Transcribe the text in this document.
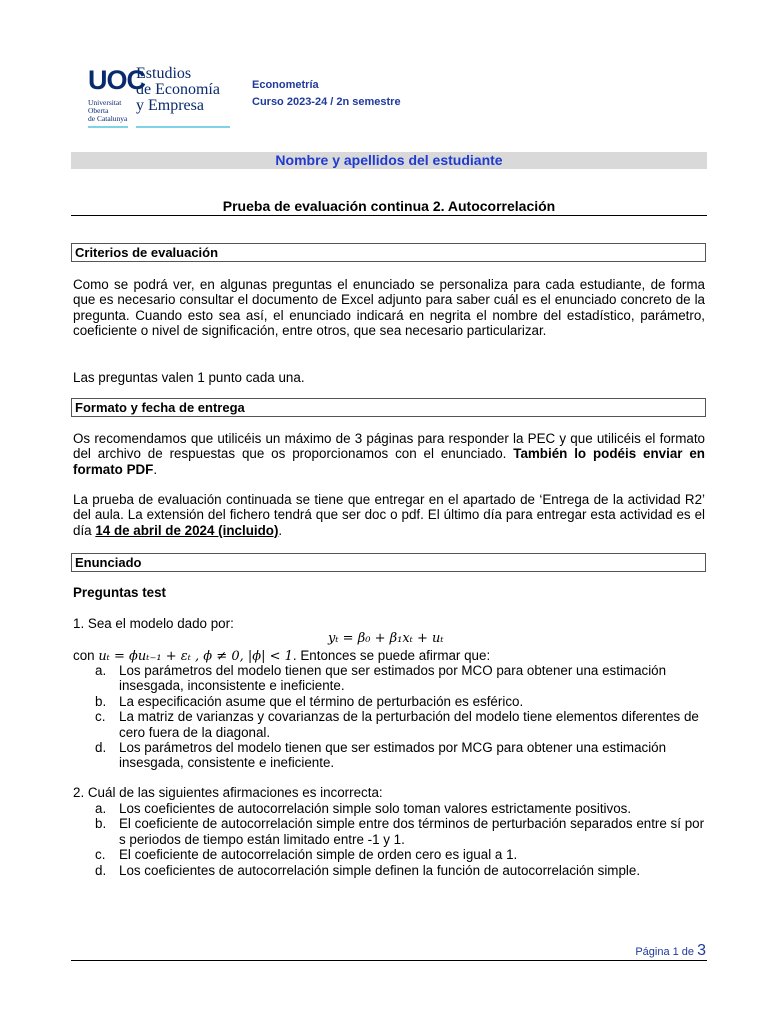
UOC
Universitat
Oberta
de Catalunya
Estudios
de Economía
y Empresa
Econometría
Curso 2023-24 / 2n semestre
Nombre y apellidos del estudiante
Prueba de evaluación continua 2. Autocorrelación
Criterios de evaluación
Como se podrá ver, en algunas preguntas el enunciado se personaliza para cada estudiante, de forma que es necesario consultar el documento de Excel adjunto para saber cuál es el enunciado concreto de la pregunta. Cuando esto sea así, el enunciado indicará en negrita el nombre del estadístico, parámetro, coeficiente o nivel de significación, entre otros, que sea necesario particularizar.
Las preguntas valen 1 punto cada una.
Formato y fecha de entrega
Os recomendamos que utilicéis un máximo de 3 páginas para responder la PEC y que utilicéis el formato del archivo de respuestas que os proporcionamos con el enunciado. También lo podéis enviar en formato PDF.
La prueba de evaluación continuada se tiene que entregar en el apartado de ‘Entrega de la actividad R2’ del aula. La extensión del fichero tendrá que ser doc o pdf. El último día para entregar esta actividad es el día 14 de abril de 2024 (incluido).
Enunciado
Preguntas test
1. Sea el modelo dado por:
yₜ = β₀ + β₁xₜ + uₜ
con uₜ = ϕuₜ₋₁ + εₜ , ϕ ≠ 0, |ϕ| < 1. Entonces se puede afirmar que:
a. Los parámetros del modelo tienen que ser estimados por MCO para obtener una estimación insesgada, inconsistente e ineficiente.
b. La especificación asume que el término de perturbación es esférico.
c. La matriz de varianzas y covarianzas de la perturbación del modelo tiene elementos diferentes de cero fuera de la diagonal.
d. Los parámetros del modelo tienen que ser estimados por MCG para obtener una estimación insesgada, consistente e ineficiente.
2. Cuál de las siguientes afirmaciones es incorrecta:
a. Los coeficientes de autocorrelación simple solo toman valores estrictamente positivos.
b. El coeficiente de autocorrelación simple entre dos términos de perturbación separados entre sí por s periodos de tiempo están limitado entre -1 y 1.
c. El coeficiente de autocorrelación simple de orden cero es igual a 1.
d. Los coeficientes de autocorrelación simple definen la función de autocorrelación simple.
Página 1 de 3
